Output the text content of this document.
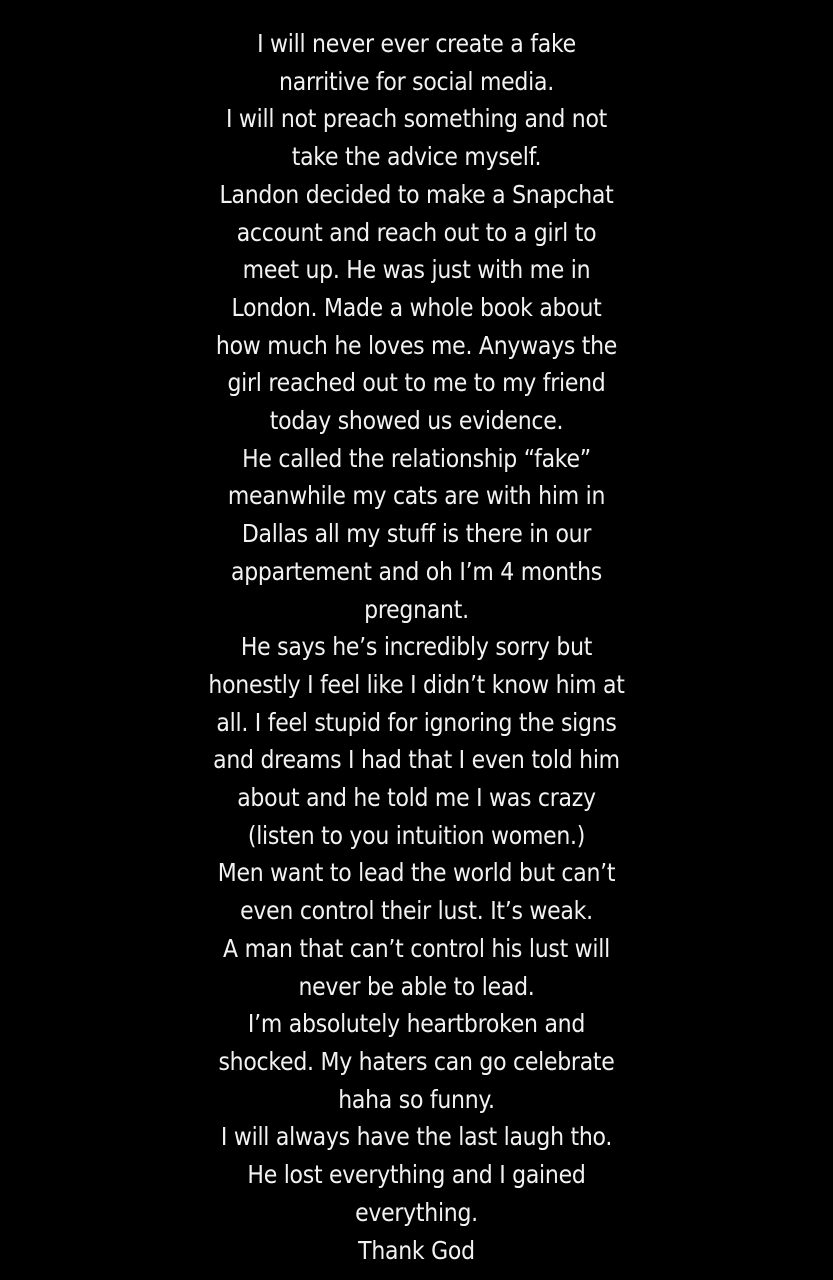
I will never ever create a fake
narritive for social media.
I will not preach something and not
take the advice myself.
Landon decided to make a Snapchat
account and reach out to a girl to
meet up. He was just with me in
London. Made a whole book about
how much he loves me. Anyways the
girl reached out to me to my friend
today showed us evidence.
He called the relationship “fake”
meanwhile my cats are with him in
Dallas all my stuff is there in our
appartement and oh I’m 4 months
pregnant.
He says he’s incredibly sorry but
honestly I feel like I didn’t know him at
all. I feel stupid for ignoring the signs
and dreams I had that I even told him
about and he told me I was crazy
(listen to you intuition women.)
Men want to lead the world but can’t
even control their lust. It’s weak.
A man that can’t control his lust will
never be able to lead.
I’m absolutely heartbroken and
shocked. My haters can go celebrate
haha so funny.
I will always have the last laugh tho.
He lost everything and I gained
everything.
Thank God
